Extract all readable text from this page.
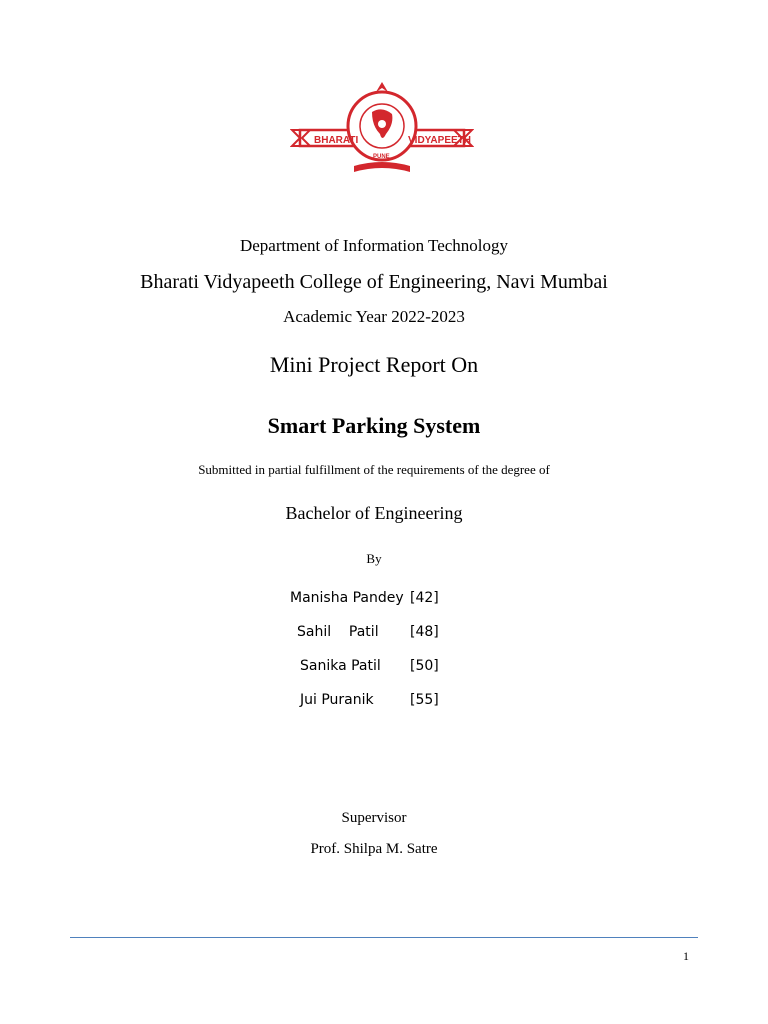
BHARATI	VIDYAPEETH
PUNE
Department of Information Technology
Bharati Vidyapeeth College of Engineering, Navi Mumbai
Academic Year 2022-2023
Mini Project Report On
Smart Parking System
Submitted in partial fulfillment of the requirements of the degree of
Bachelor of Engineering
By
Manisha Pandey [42]
Sahil    Patil [48]
Sanika Patil [50]
Jui Puranik	[55]
Supervisor
Prof. Shilpa M. Satre
1
